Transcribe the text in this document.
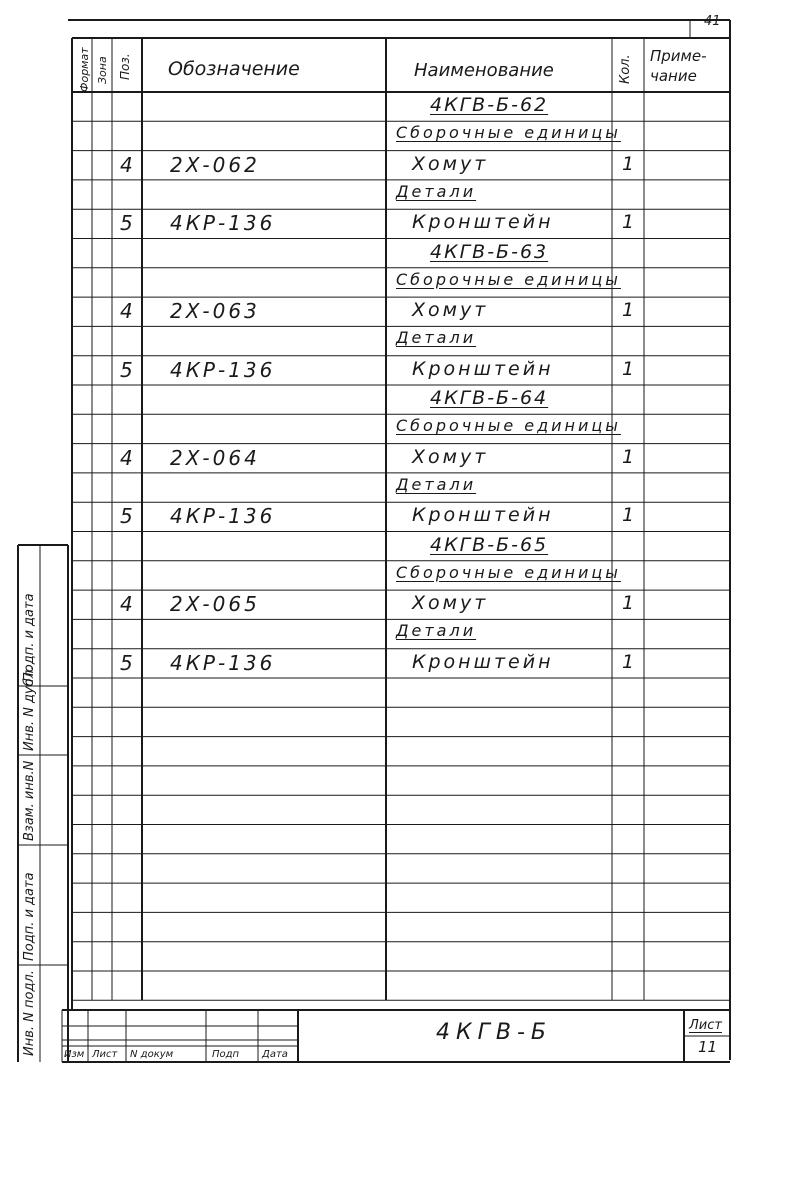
41
Формат Зона Поз. Обозначение	Наименование	Кол. Приме-
чание
4КГВ-Б-62
Сборочные единицы
4 2Х-062	Хомут	1
Детали
5 4КР-136	Кронштейн	1
4КГВ-Б-63
Сборочные единицы
4 2Х-063	Хомут	1
Детали
5 4КР-136	Кронштейн	1
4КГВ-Б-64
Сборочные единицы
4 2Х-064	Хомут	1
Детали
5 4КР-136	Кронштейн	1
4КГВ-Б-65
Сборочные единицы
4 2Х-065	Хомут	1
Детали
5 4КР-136	Кронштейн	1
Инв. N подл.
Подп. и дата
Взам. инв.N
Инв. N дубл.
Подп. и дата
4КГВ-Б	Лист
11
Изм Лист N докум	Подп Дата
